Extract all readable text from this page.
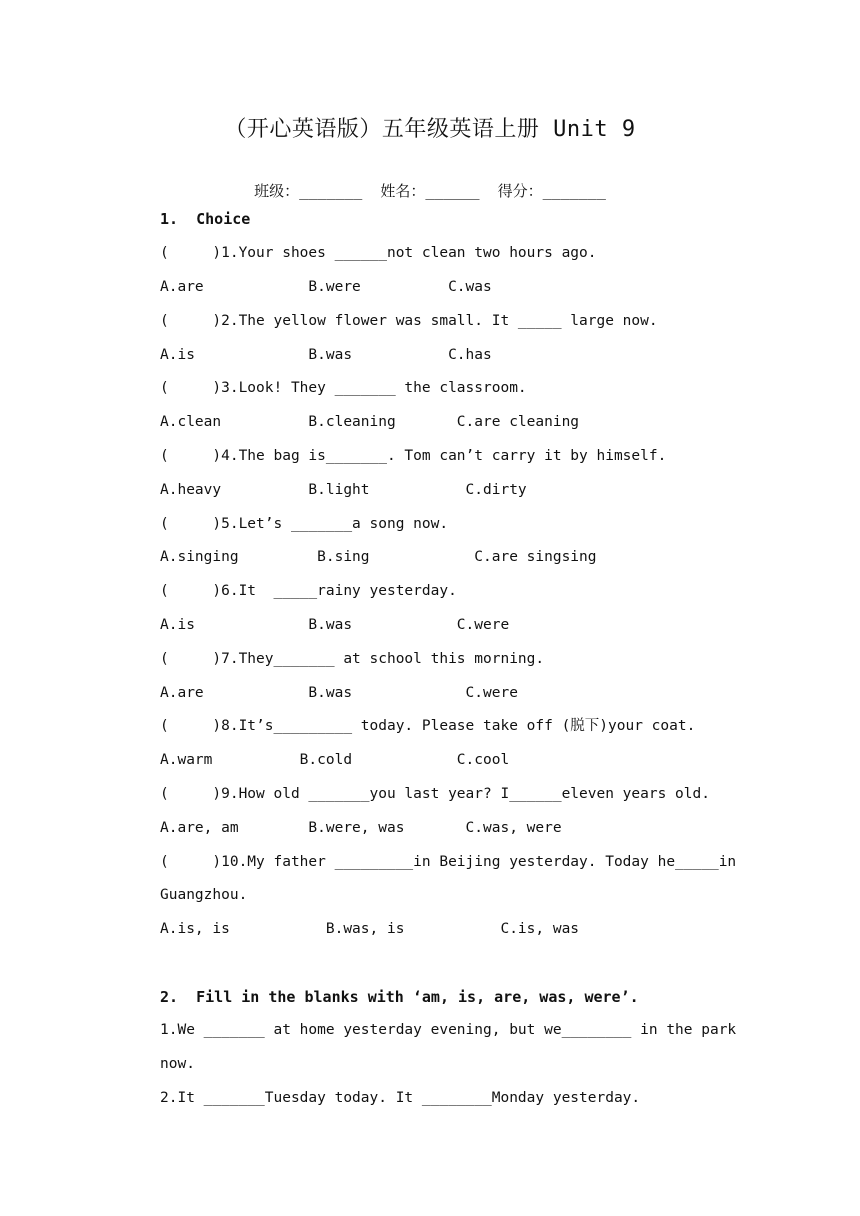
（开心英语版）五年级英语上册 Unit 9
班级：_______  姓名：______  得分：_______
1.  Choice
(     )1.Your shoes ______not clean two hours ago.
A.are            B.were          C.was
(     )2.The yellow flower was small. It _____ large now.
A.is             B.was           C.has
(     )3.Look! They _______ the classroom.
A.clean          B.cleaning       C.are cleaning
(     )4.The bag is_______. Tom can’t carry it by himself.
A.heavy          B.light           C.dirty
(     )5.Let’s _______a song now.
A.singing         B.sing            C.are singsing
(     )6.It  _____rainy yesterday.
A.is             B.was            C.were
(     )7.They_______ at school this morning.
A.are            B.was             C.were
(     )8.It’s_________ today. Please take off (脱下)your coat.
A.warm          B.cold            C.cool
(     )9.How old _______you last year? I______eleven years old.
A.are, am        B.were, was       C.was, were
(     )10.My father _________in Beijing yesterday. Today he_____in
Guangzhou.
A.is, is           B.was, is           C.is, was
2.  Fill in the blanks with ‘am, is, are, was, were’.
1.We _______ at home yesterday evening, but we________ in the park
now.
2.It _______Tuesday today. It ________Monday yesterday.
